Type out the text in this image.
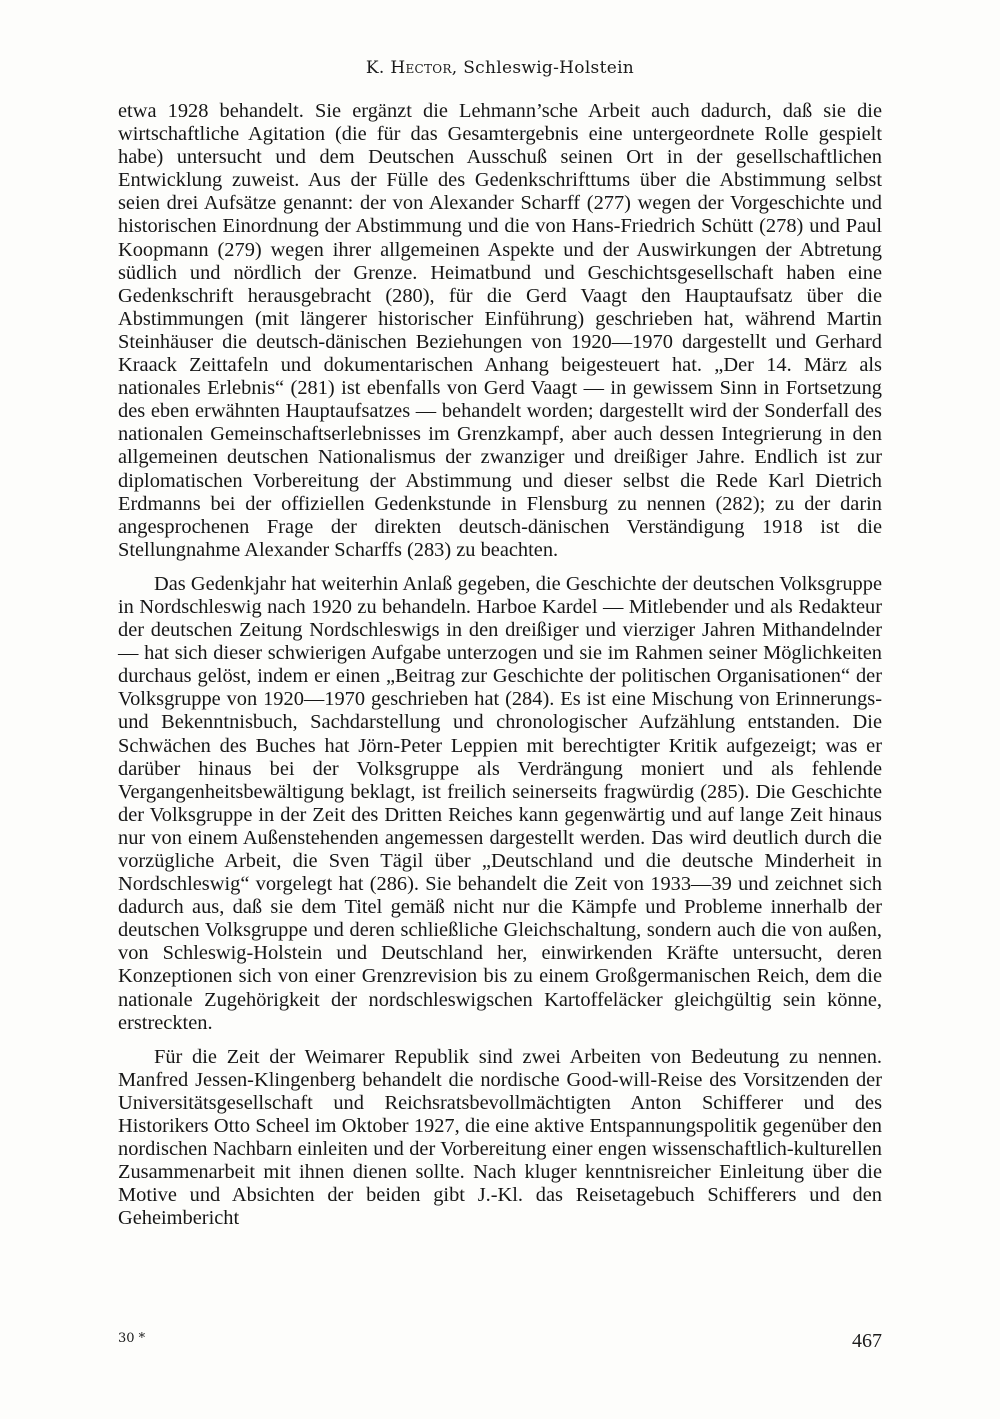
K. Hector, Schleswig-Holstein

etwa 1928 behandelt. Sie ergänzt die Lehmann’sche Arbeit auch dadurch, daß sie die wirtschaftliche Agitation (die für das Gesamtergebnis eine untergeordnete Rolle gespielt habe) untersucht und dem Deutschen Ausschuß seinen Ort in der gesellschaftlichen Entwicklung zuweist. Aus der Fülle des Gedenkschrifttums über die Abstimmung selbst seien drei Aufsätze genannt: der von Alexander Scharff (277) wegen der Vorgeschichte und historischen Einordnung der Abstimmung und die von Hans-Friedrich Schütt (278) und Paul Koopmann (279) wegen ihrer allgemeinen Aspekte und der Auswirkungen der Abtretung südlich und nördlich der Grenze. Heimatbund und Geschichtsgesellschaft haben eine Gedenkschrift herausgebracht (280), für die Gerd Vaagt den Hauptaufsatz über die Abstimmungen (mit längerer historischer Einführung) geschrieben hat, während Martin Steinhäuser die deutsch-dänischen Beziehungen von 1920—1970 dargestellt und Gerhard Kraack Zeittafeln und dokumentarischen Anhang beigesteuert hat. „Der 14. März als nationales Erlebnis“ (281) ist ebenfalls von Gerd Vaagt — in gewissem Sinn in Fortsetzung des eben erwähnten Hauptaufsatzes — behandelt worden; dargestellt wird der Sonderfall des nationalen Gemeinschaftserlebnisses im Grenzkampf, aber auch dessen Integrierung in den allgemeinen deutschen Nationalismus der zwanziger und dreißiger Jahre. Endlich ist zur diplomatischen Vorbereitung der Abstimmung und dieser selbst die Rede Karl Dietrich Erdmanns bei der offiziellen Gedenkstunde in Flensburg zu nennen (282); zu der darin angesprochenen Frage der direkten deutsch-dänischen Verständigung 1918 ist die Stellungnahme Alexander Scharffs (283) zu beachten.

Das Gedenkjahr hat weiterhin Anlaß gegeben, die Geschichte der deutschen Volksgruppe in Nordschleswig nach 1920 zu behandeln. Harboe Kardel — Mitlebender und als Redakteur der deutschen Zeitung Nordschleswigs in den dreißiger und vierziger Jahren Mithandelnder — hat sich dieser schwierigen Aufgabe unterzogen und sie im Rahmen seiner Möglichkeiten durchaus gelöst, indem er einen „Beitrag zur Geschichte der politischen Organisationen“ der Volksgruppe von 1920—1970 geschrieben hat (284). Es ist eine Mischung von Erinnerungs- und Bekenntnisbuch, Sachdarstellung und chronologischer Aufzählung entstanden. Die Schwächen des Buches hat Jörn-Peter Leppien mit berechtigter Kritik aufgezeigt; was er darüber hinaus bei der Volksgruppe als Verdrängung moniert und als fehlende Vergangenheitsbewältigung beklagt, ist freilich seinerseits fragwürdig (285). Die Geschichte der Volksgruppe in der Zeit des Dritten Reiches kann gegenwärtig und auf lange Zeit hinaus nur von einem Außenstehenden angemessen dargestellt werden. Das wird deutlich durch die vorzügliche Arbeit, die Sven Tägil über „Deutschland und die deutsche Minderheit in Nordschleswig“ vorgelegt hat (286). Sie behandelt die Zeit von 1933—39 und zeichnet sich dadurch aus, daß sie dem Titel gemäß nicht nur die Kämpfe und Probleme innerhalb der deutschen Volksgruppe und deren schließliche Gleichschaltung, sondern auch die von außen, von Schleswig-Holstein und Deutschland her, einwirkenden Kräfte untersucht, deren Konzeptionen sich von einer Grenzrevision bis zu einem Großgermanischen Reich, dem die nationale Zugehörigkeit der nordschleswigschen Kartoffeläcker gleichgültig sein könne, erstreckten.

Für die Zeit der Weimarer Republik sind zwei Arbeiten von Bedeutung zu nennen. Manfred Jessen-Klingenberg behandelt die nordische Good-will-Reise des Vorsitzenden der Universitätsgesellschaft und Reichsratsbevollmächtigten Anton Schifferer und des Historikers Otto Scheel im Oktober 1927, die eine aktive Entspannungspolitik gegenüber den nordischen Nachbarn einleiten und der Vorbereitung einer engen wissenschaftlich-kulturellen Zusammenarbeit mit ihnen dienen sollte. Nach kluger kenntnisreicher Einleitung über die Motive und Absichten der beiden gibt J.-Kl. das Reisetagebuch Schifferers und den Geheimbericht

30 *	467
